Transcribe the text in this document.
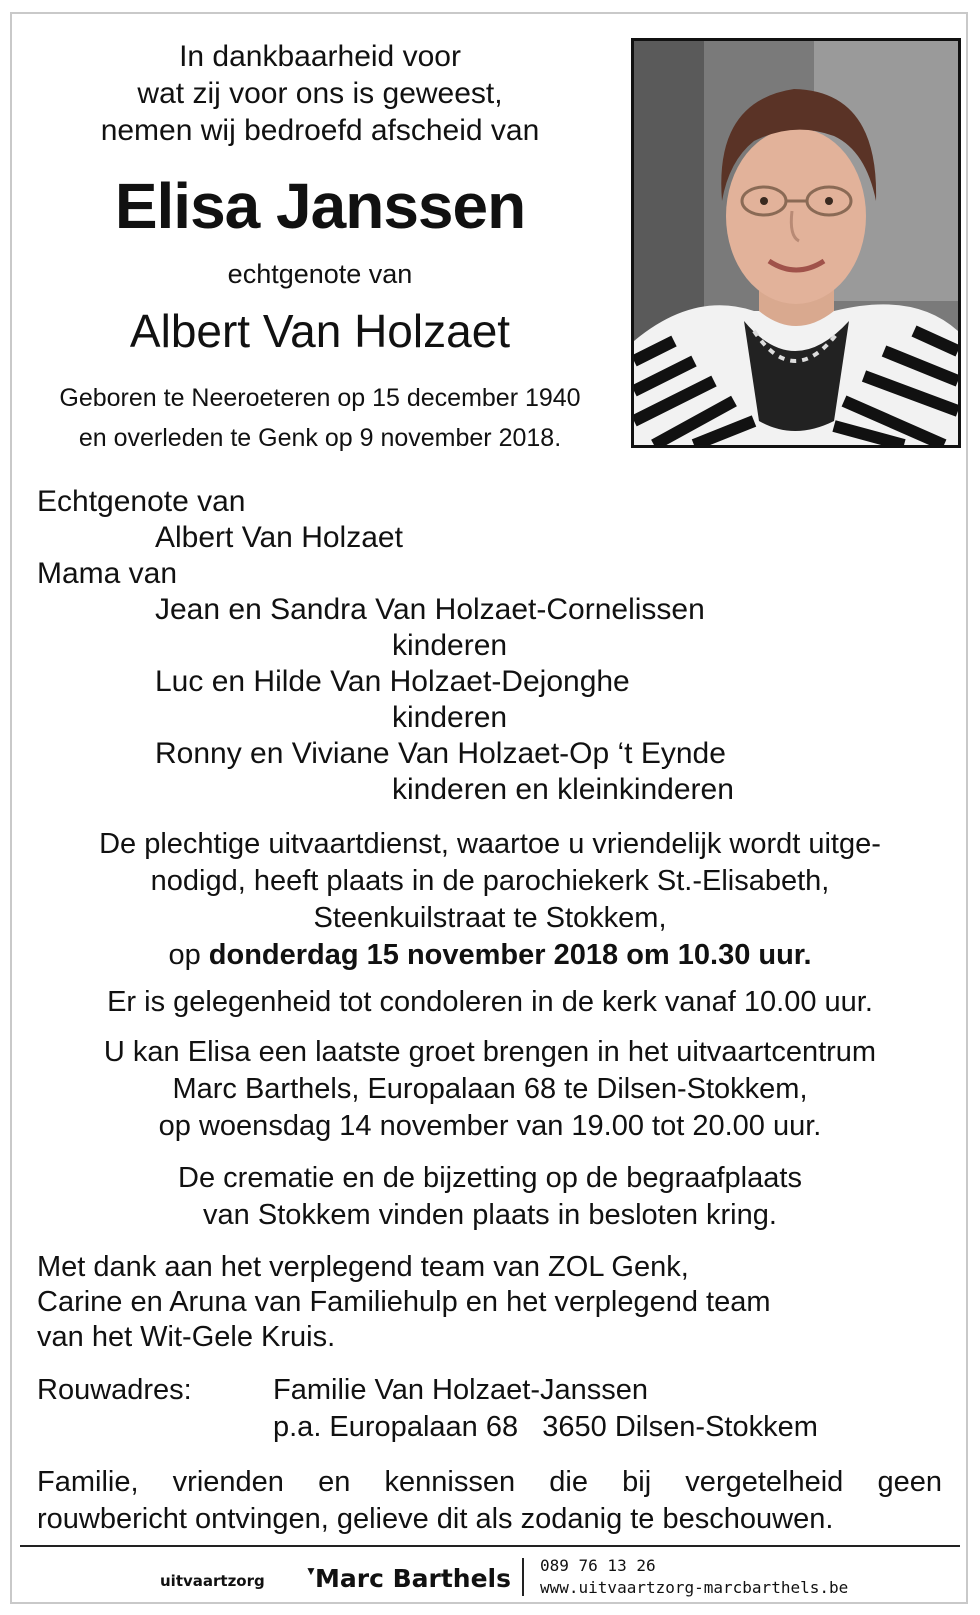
In dankbaarheid voor
wat zij voor ons is geweest,
nemen wij bedroefd afscheid van
Elisa Janssen
echtgenote van
Albert Van Holzaet
Geboren te Neeroeteren op 15 december 1940
en overleden te Genk op 9 november 2018.
Echtgenote van
Albert Van Holzaet
Mama van
Jean en Sandra Van Holzaet-Cornelissen
kinderen
Luc en Hilde Van Holzaet-Dejonghe
kinderen
Ronny en Viviane Van Holzaet-Op ‘t Eynde
kinderen en kleinkinderen
De plechtige uitvaartdienst, waartoe u vriendelijk wordt uitge-
nodigd, heeft plaats in de parochiekerk St.-Elisabeth,
Steenkuilstraat te Stokkem,
op donderdag 15 november 2018 om 10.30 uur.
Er is gelegenheid tot condoleren in de kerk vanaf 10.00 uur.
U kan Elisa een laatste groet brengen in het uitvaartcentrum
Marc Barthels, Europalaan 68 te Dilsen-Stokkem,
op woensdag 14 november van 19.00 tot 20.00 uur.
De crematie en de bijzetting op de begraafplaats
van Stokkem vinden plaats in besloten kring.
Met dank aan het verplegend team van ZOL Genk,
Carine en Aruna van Familiehulp en het verplegend team
van het Wit-Gele Kruis.
Rouwadres:	Familie Van Holzaet-Janssen
p.a. Europalaan 68   3650 Dilsen-Stokkem
Familie, vrienden en kennissen die bij vergetelheid geen
rouwbericht ontvingen, gelieve dit als zodanig te beschouwen.
uitvaartzorg
▼
Marc Barthels 089 76 13 26
www.uitvaartzorg-marcbarthels.be
